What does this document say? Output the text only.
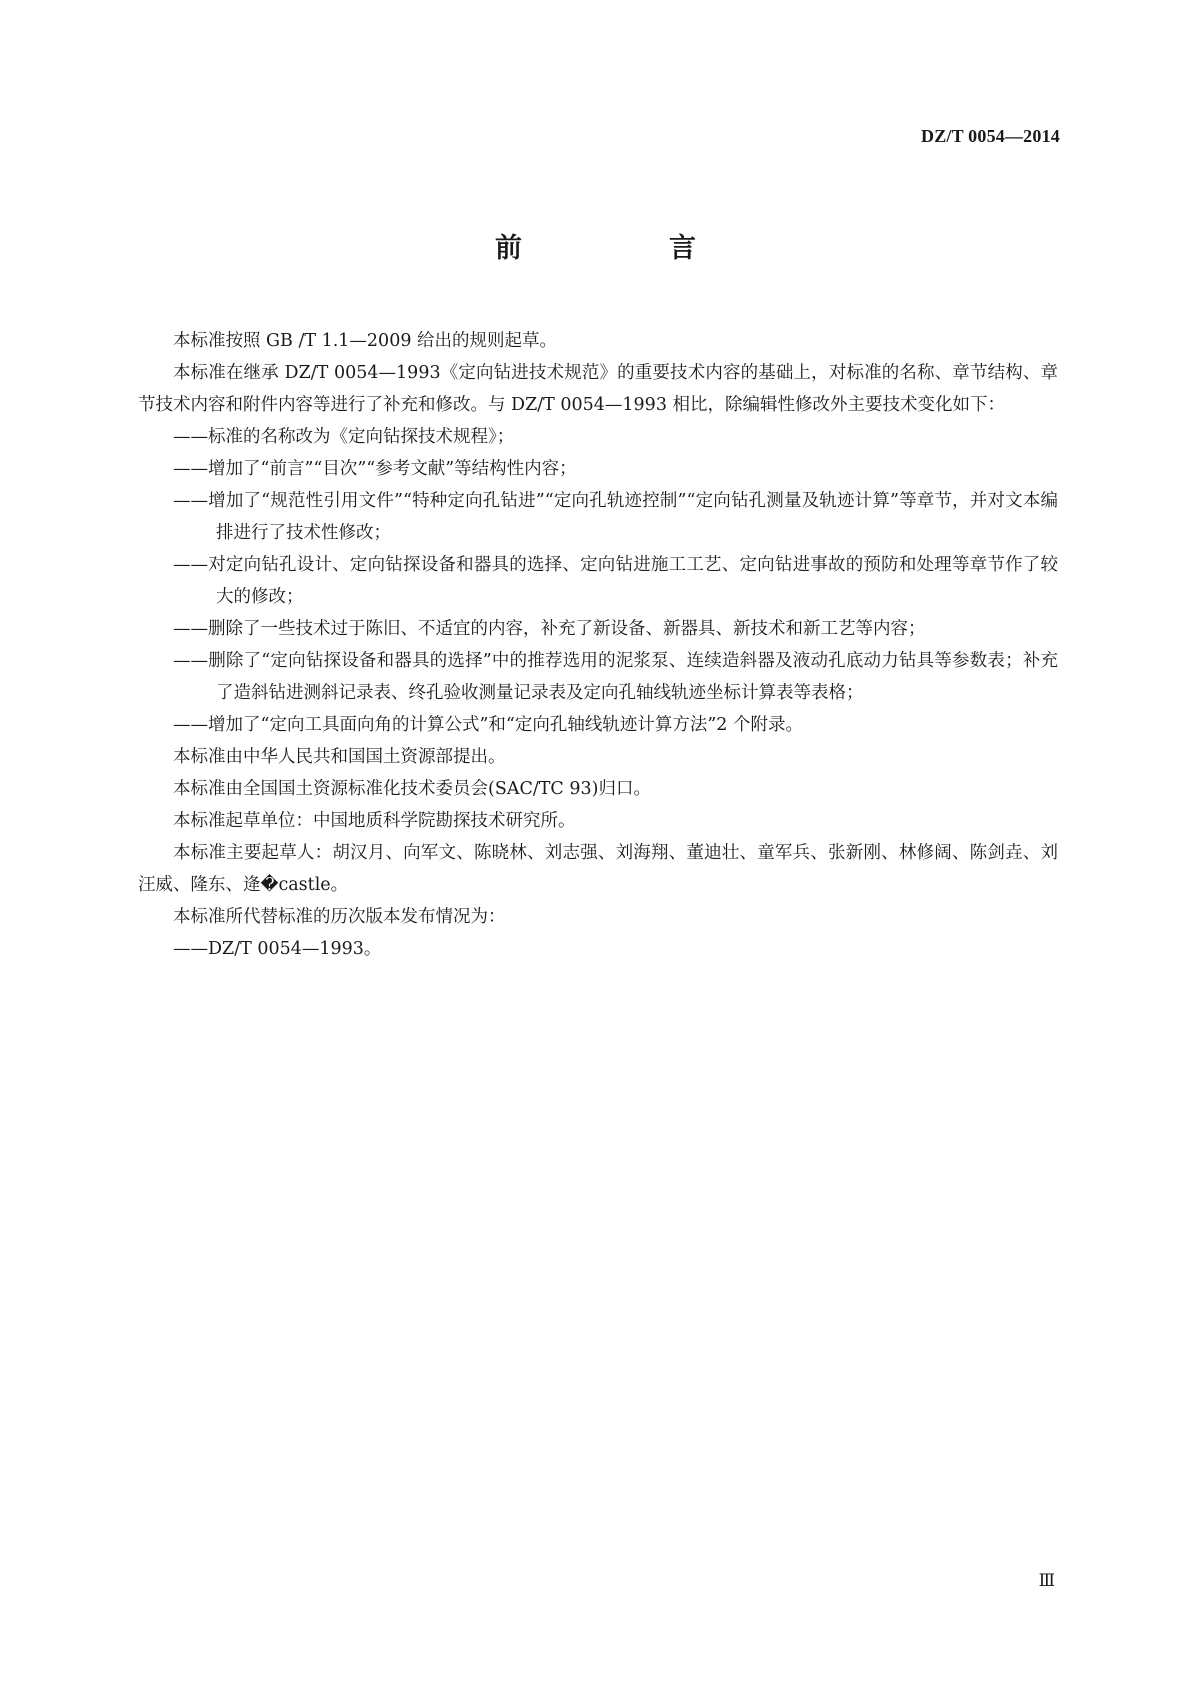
DZ/T 0054—2014
前　言

本标准按照 GB /T 1.1—2009 给出的规则起草。

本标准在继承 DZ/T 0054—1993《定向钻进技术规范》的重要技术内容的基础上，对标准的名称、章节结构、章节技术内容和附件内容等进行了补充和修改。与 DZ/T 0054—1993 相比，除编辑性修改外主要技术变化如下：

——标准的名称改为《定向钻探技术规程》；

——增加了“前言”“目次”“参考文献”等结构性内容；

——增加了“规范性引用文件”“特种定向孔钻进”“定向孔轨迹控制”“定向钻孔测量及轨迹计算”等章节，并对文本编排进行了技术性修改；

——对定向钻孔设计、定向钻探设备和器具的选择、定向钻进施工工艺、定向钻进事故的预防和处理等章节作了较大的修改；

——删除了一些技术过于陈旧、不适宜的内容，补充了新设备、新器具、新技术和新工艺等内容；

——删除了“定向钻探设备和器具的选择”中的推荐选用的泥浆泵、连续造斜器及液动孔底动力钻具等参数表；补充了造斜钻进测斜记录表、终孔验收测量记录表及定向孔轴线轨迹坐标计算表等表格；

——增加了“定向工具面向角的计算公式”和“定向孔轴线轨迹计算方法”2 个附录。

本标准由中华人民共和国国土资源部提出。

本标准由全国国土资源标准化技术委员会(SAC/TC 93)归口。

本标准起草单位：中国地质科学院勘探技术研究所。

本标准主要起草人：胡汉月、向军文、陈晓林、刘志强、刘海翔、董迪壮、童军兵、张新刚、林修阔、陈剑垚、刘汪威、隆东、逄�castle。

本标准所代替标准的历次版本发布情况为：

——DZ/T 0054—1993。

Ⅲ
